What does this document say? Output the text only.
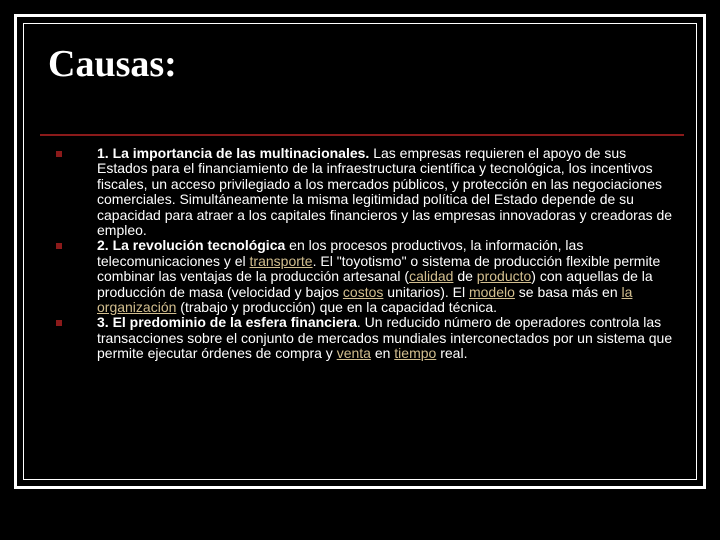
Causas:
1. La importancia de las multinacionales. Las empresas requieren el apoyo de sus Estados para el financiamiento de la infraestructura científica y tecnológica, los incentivos fiscales, un acceso privilegiado a los mercados públicos, y protección en las negociaciones comerciales. Simultáneamente la misma legitimidad política del Estado depende de su capacidad para atraer a los capitales financieros y las empresas innovadoras y creadoras de empleo.
2. La revolución tecnológica en los procesos productivos, la información, las telecomunicaciones y el transporte. El "toyotismo" o sistema de producción flexible permite combinar las ventajas de la producción artesanal (calidad de producto) con aquellas de la producción de masa (velocidad y bajos costos unitarios). El modelo se basa más en la organización (trabajo y producción) que en la capacidad técnica.
3. El predominio de la esfera financiera. Un reducido número de operadores controla las transacciones sobre el conjunto de mercados mundiales interconectados por un sistema que permite ejecutar órdenes de compra y venta en tiempo real.
